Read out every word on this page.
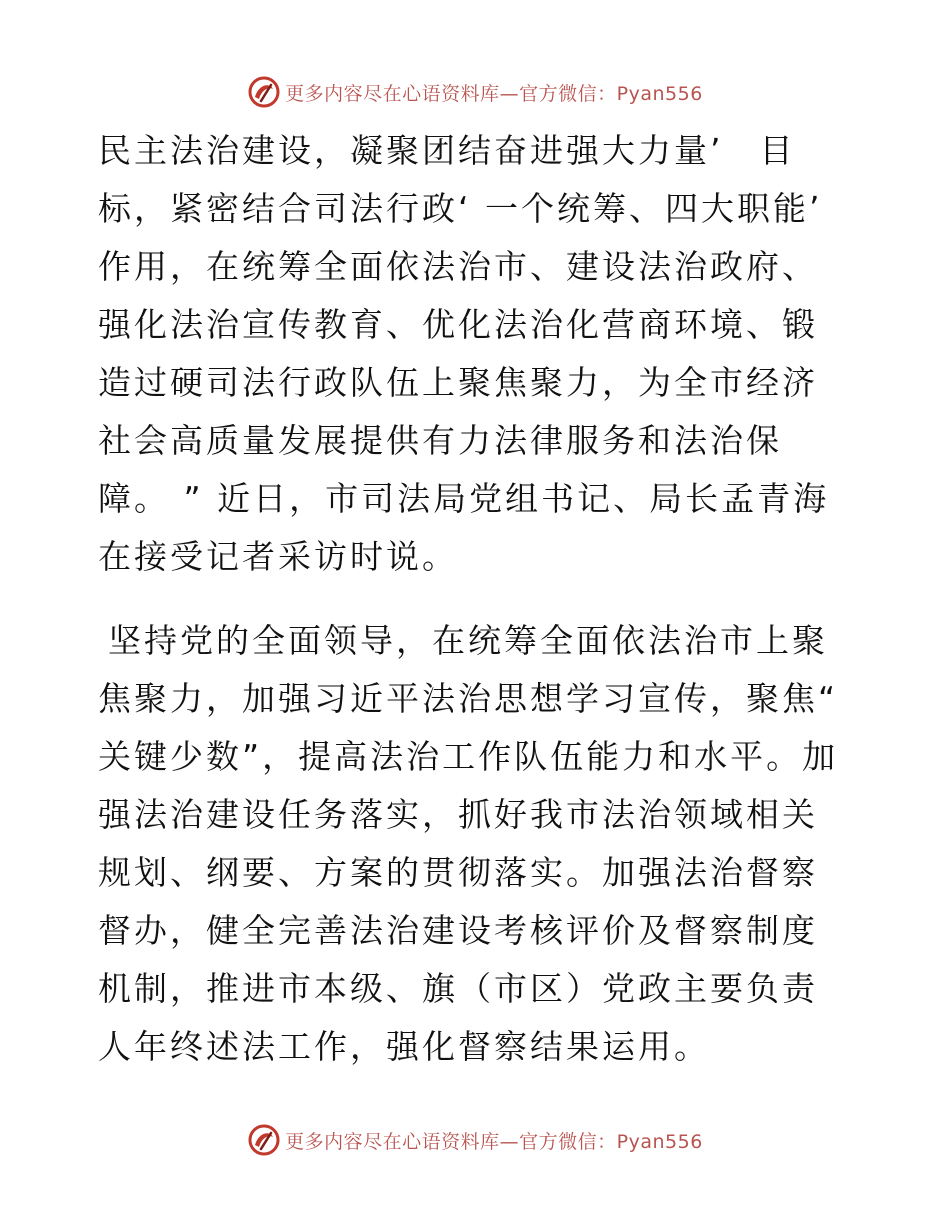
更多内容尽在心语资料库—官方微信：Pyan556

民主法治建设，凝聚团结奋进强大力量’　目标，紧密结合司法行政‘ 一个统筹、四大职能’　作用，在统筹全面依法治市、建设法治政府、强化法治宣传教育、优化法治化营商环境、锻造过硬司法行政队伍上聚焦聚力，为全市经济社会高质量发展提供有力法律服务和法治保障。 ” 近日，市司法局党组书记、局长孟青海在接受记者采访时说。

坚持党的全面领导，在统筹全面依法治市上聚焦聚力，加强习近平法治思想学习宣传，聚焦“ 关键少数”，提高法治工作队伍能力和水平。加强法治建设任务落实，抓好我市法治领域相关规划、纲要、方案的贯彻落实。加强法治督察督办，健全完善法治建设考核评价及督察制度机制，推进市本级、旗（市区）党政主要负责人年终述法工作，强化督察结果运用。

更多内容尽在心语资料库—官方微信：Pyan556
